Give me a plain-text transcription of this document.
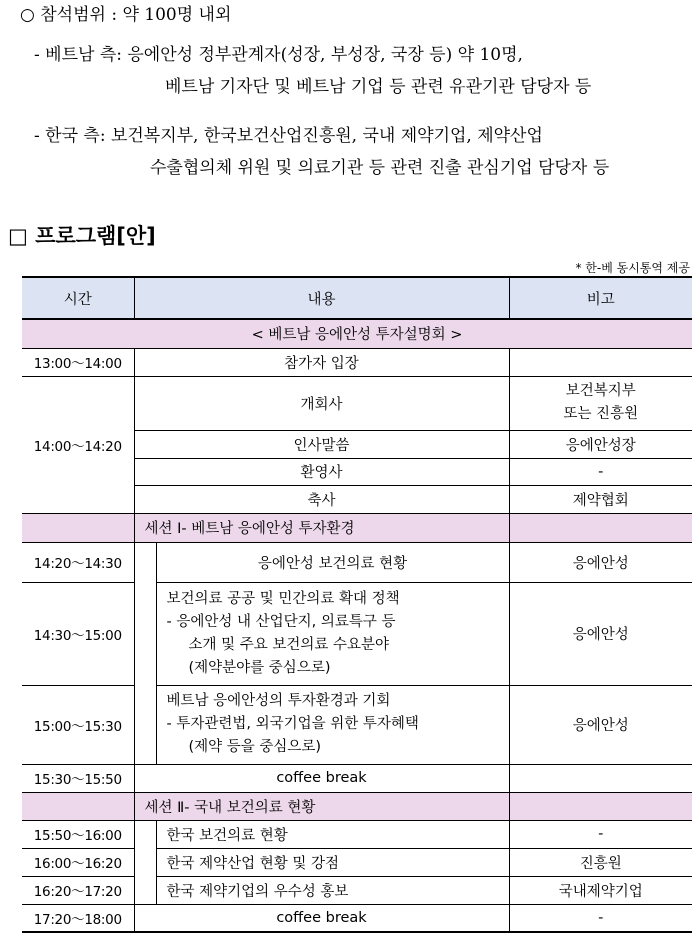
○ 참석범위 : 약 100명 내외
- 베트남 측: 응에안성 정부관계자(성장, 부성장, 국장 등) 약 10명,
베트남 기자단 및 베트남 기업 등 관련 유관기관 담당자 등
- 한국 측: 보건복지부, 한국보건산업진흥원, 국내 제약기업, 제약산업
수출협의체 위원 및 의료기관 등 관련 진출 관심기업 담당자 등
□ 프로그램[안]
* 한-베 동시통역 제공
시간	내용		비고
< 베트남 응에안성 투자설명회 >			
13:00～14:00	참가자 입장		
14:00～14:20	개회사		보건복지부
또는 진흥원
	인사말씀		응에안성장
	환영사		-
	축사		제약협회
	세션 Ⅰ- 베트남 응에안성 투자환경		
14:20～14:30		응에안성 보건의료 현황	응에안성
14:30～15:00		보건의료 공공 및 민간의료 확대 정책
- 응에안성 내 산업단지, 의료특구 등
소개 및 주요 보건의료 수요분야
(제약분야를 중심으로)	응에안성
15:00～15:30		베트남 응에안성의 투자환경과 기회
- 투자관련법, 외국기업을 위한 투자혜택
(제약 등을 중심으로)	응에안성
15:30～15:50	coffee break		
	세션 Ⅱ- 국내 보건의료 현황		
15:50～16:00		한국 보건의료 현황	-
16:00～16:20		한국 제약산업 현황 및 강점	진흥원
16:20～17:20		한국 제약기업의 우수성 홍보	국내제약기업
17:20～18:00	coffee break		-
